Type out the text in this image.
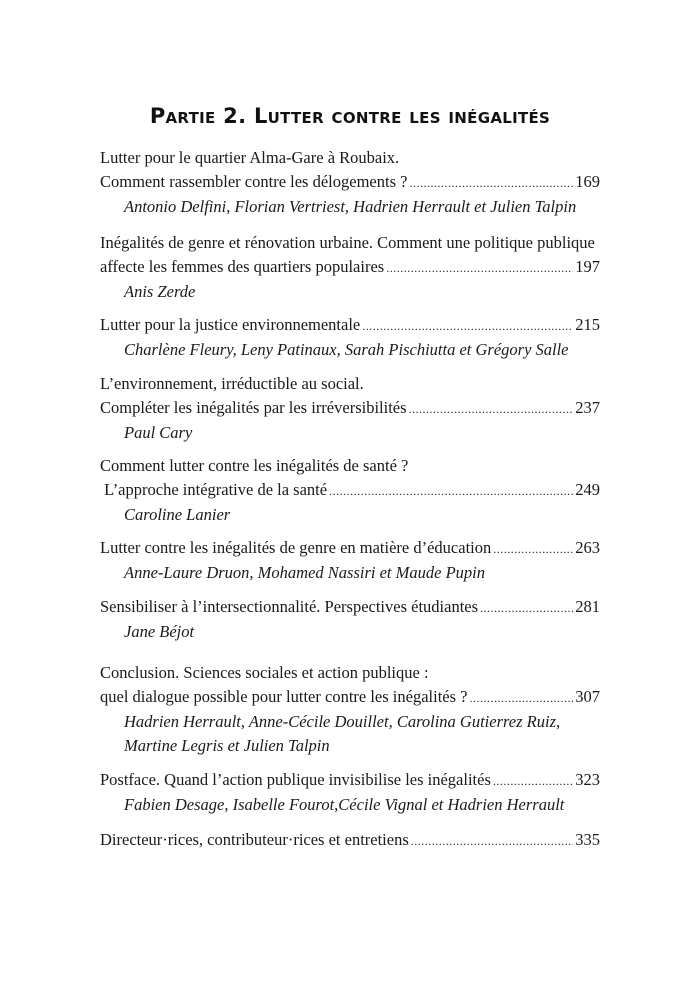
Partie 2. Lutter contre les inégalités
Lutter pour le quartier Alma-Gare à Roubaix.
Comment rassembler contre les délogements ? .....	169
Antonio Delfini, Florian Vertriest, Hadrien Herrault et Julien Talpin
Inégalités de genre et rénovation urbaine. Comment une politique publique
affecte les femmes des quartiers populaires .....	197
Anis Zerde
Lutter pour la justice environnementale .....	215
Charlène Fleury, Leny Patinaux, Sarah Pischiutta et Grégory Salle
L’environnement, irréductible au social.
Compléter les inégalités par les irréversibilités .....	237
Paul Cary
Comment lutter contre les inégalités de santé ?
L’approche intégrative de la santé .....	249
Caroline Lanier
Lutter contre les inégalités de genre en matière d’éducation .....	263
Anne-Laure Druon, Mohamed Nassiri et Maude Pupin
Sensibiliser à l’intersectionnalité. Perspectives étudiantes .....	281
Jane Béjot
Conclusion. Sciences sociales et action publique :
quel dialogue possible pour lutter contre les inégalités ? .....	307
Hadrien Herrault, Anne-Cécile Douillet, Carolina Gutierrez Ruiz,
Martine Legris et Julien Talpin
Postface. Quand l’action publique invisibilise les inégalités .....	323
Fabien Desage, Isabelle Fourot,Cécile Vignal et Hadrien Herrault
Directeur·rices, contributeur·rices et entretiens .....	335
